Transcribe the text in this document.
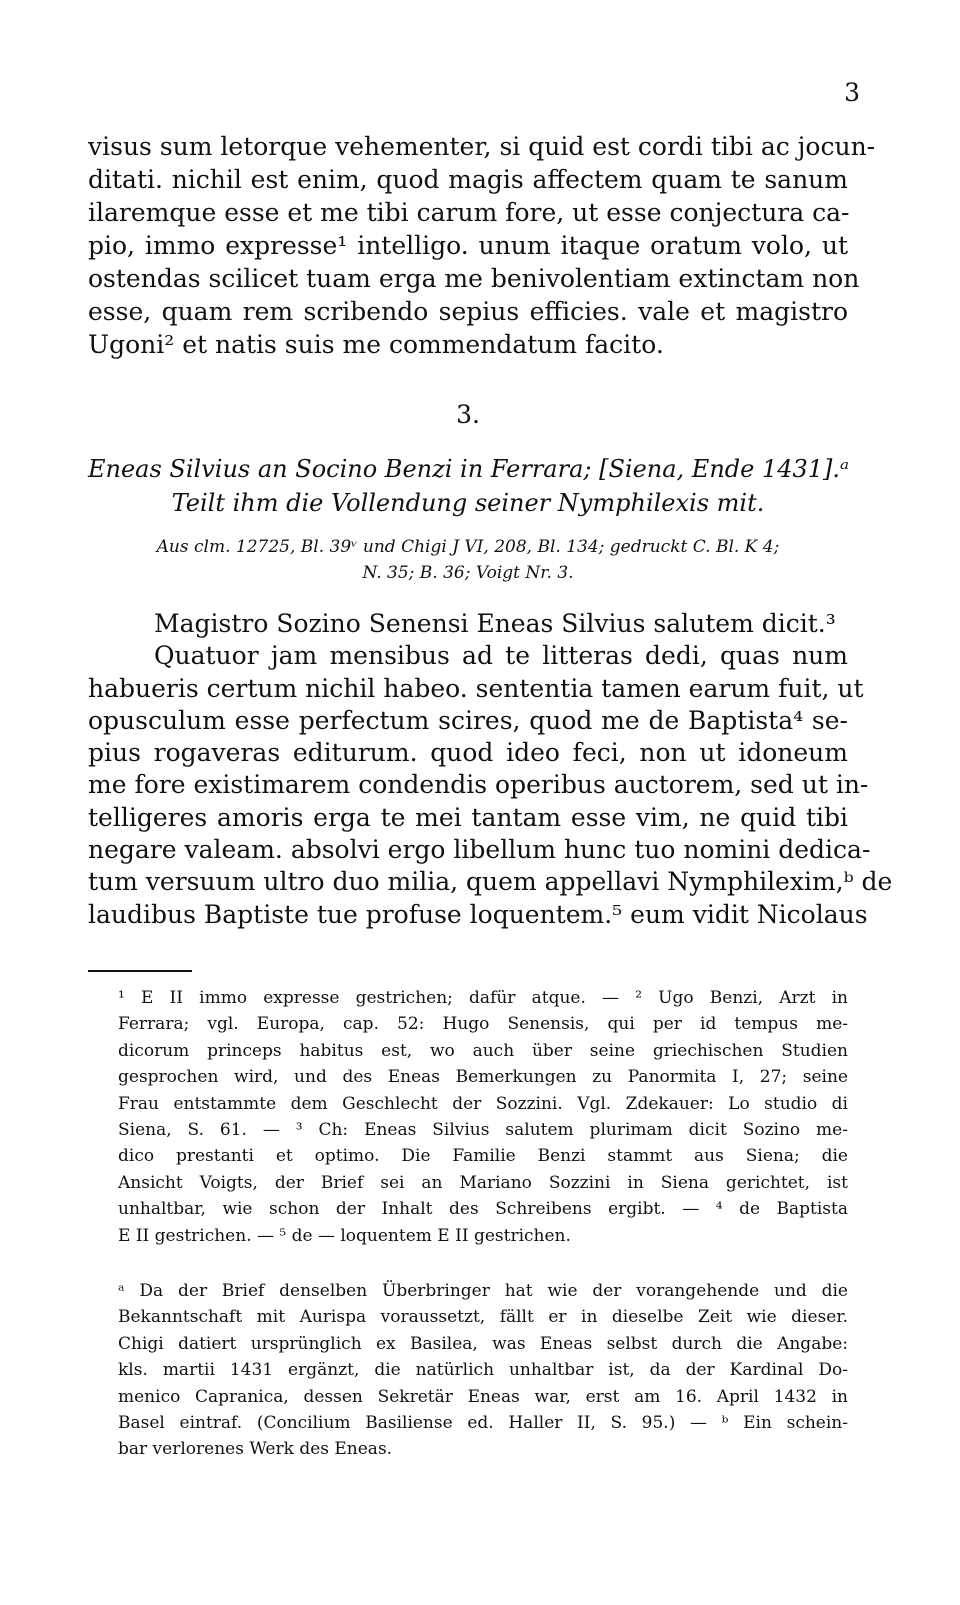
3
visus sum letorque vehementer, si quid est cordi tibi ac jocun-
ditati. nichil est enim, quod magis affectem quam te sanum
ilaremque esse et me tibi carum fore, ut esse conjectura ca-
pio, immo expresse¹ intelligo. unum itaque oratum volo, ut
ostendas scilicet tuam erga me benivolentiam extinctam non
esse, quam rem scribendo sepius efficies. vale et magistro
Ugoni² et natis suis me commendatum facito.
3.
Eneas Silvius an Socino Benzi in Ferrara; [Siena, Ende 1431].ᵃ
Teilt ihm die Vollendung seiner Nymphilexis mit.
Aus clm. 12725, Bl. 39ᵛ und Chigi J VI, 208, Bl. 134; gedruckt C. Bl. K 4;
N. 35; B. 36; Voigt Nr. 3.
Magistro Sozino Senensi Eneas Silvius salutem dicit.³
Quatuor jam mensibus ad te litteras dedi, quas num
habueris certum nichil habeo. sententia tamen earum fuit, ut
opusculum esse perfectum scires, quod me de Baptista⁴ se-
pius rogaveras editurum. quod ideo feci, non ut idoneum
me fore existimarem condendis operibus auctorem, sed ut in-
telligeres amoris erga te mei tantam esse vim, ne quid tibi
negare valeam. absolvi ergo libellum hunc tuo nomini dedica-
tum versuum ultro duo milia, quem appellavi Nymphilexim,ᵇ de
laudibus Baptiste tue profuse loquentem.⁵ eum vidit Nicolaus
¹ E II immo expresse gestrichen; dafür atque. — ² Ugo Benzi, Arzt in
Ferrara; vgl. Europa, cap. 52: Hugo Senensis, qui per id tempus me-
dicorum princeps habitus est, wo auch über seine griechischen Studien
gesprochen wird, und des Eneas Bemerkungen zu Panormita I, 27; seine
Frau entstammte dem Geschlecht der Sozzini. Vgl. Zdekauer: Lo studio di
Siena, S. 61. — ³ Ch: Eneas Silvius salutem plurimam dicit Sozino me-
dico prestanti et optimo. Die Familie Benzi stammt aus Siena; die
Ansicht Voigts, der Brief sei an Mariano Sozzini in Siena gerichtet, ist
unhaltbar, wie schon der Inhalt des Schreibens ergibt. — ⁴ de Baptista
E II gestrichen. — ⁵ de — loquentem E II gestrichen.
ᵃ Da der Brief denselben Überbringer hat wie der vorangehende und die
Bekanntschaft mit Aurispa voraussetzt, fällt er in dieselbe Zeit wie dieser.
Chigi datiert ursprünglich ex Basilea, was Eneas selbst durch die Angabe:
kls. martii 1431 ergänzt, die natürlich unhaltbar ist, da der Kardinal Do-
menico Capranica, dessen Sekretär Eneas war, erst am 16. April 1432 in
Basel eintraf. (Concilium Basiliense ed. Haller II, S. 95.) — ᵇ Ein schein-
bar verlorenes Werk des Eneas.
